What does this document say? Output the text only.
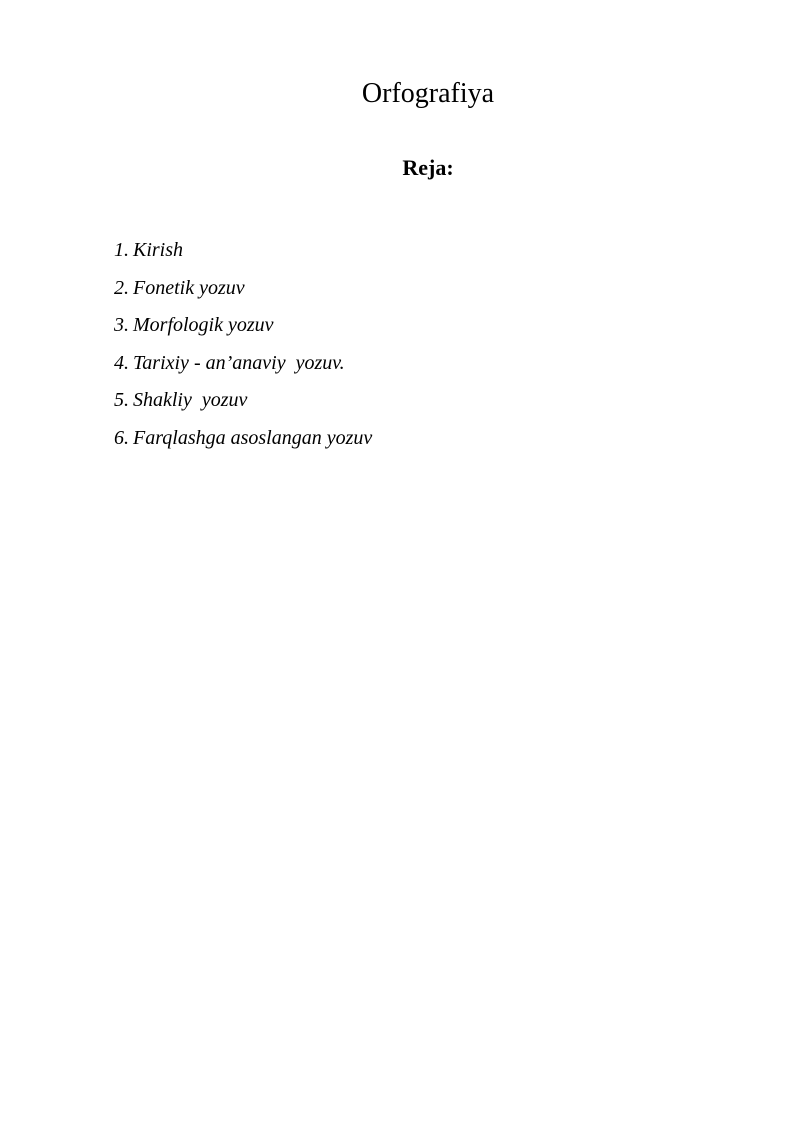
Orfografiya
Reja:
1. Kirish
2. Fonetik yozuv
3. Morfologik yozuv
4. Tarixiy - an’anaviy  yozuv.
5. Shakliy  yozuv
6. Farqlashga asoslangan yozuv
